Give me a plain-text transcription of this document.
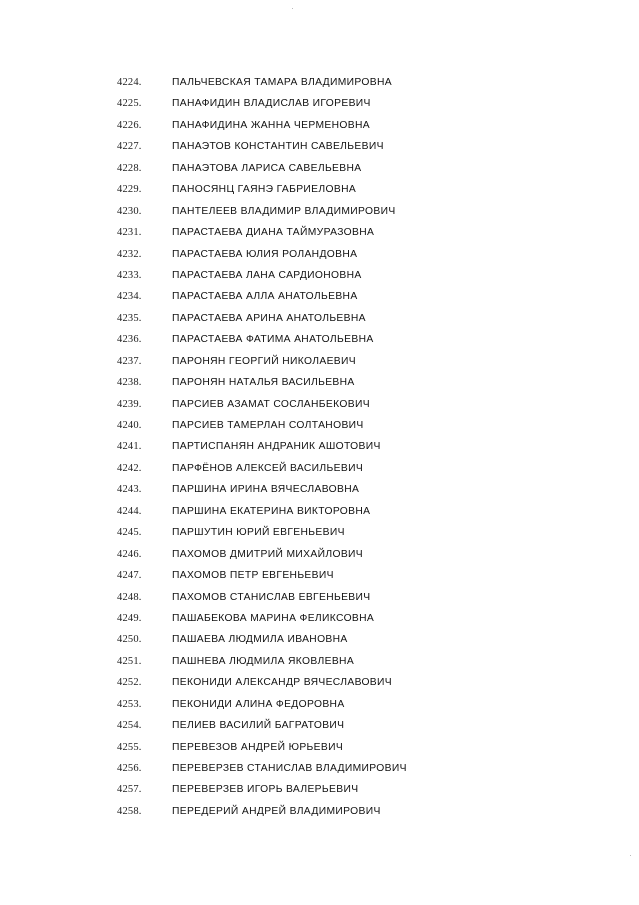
4224.	ПАЛЬЧЕВСКАЯ ТАМАРА ВЛАДИМИРОВНА
4225.	ПАНАФИДИН ВЛАДИСЛАВ ИГОРЕВИЧ
4226.	ПАНАФИДИНА ЖАННА ЧЕРМЕНОВНА
4227.	ПАНАЭТОВ КОНСТАНТИН САВЕЛЬЕВИЧ
4228.	ПАНАЭТОВА ЛАРИСА САВЕЛЬЕВНА
4229.	ПАНОСЯНЦ ГАЯНЭ ГАБРИЕЛОВНА
4230.	ПАНТЕЛЕЕВ ВЛАДИМИР ВЛАДИМИРОВИЧ
4231.	ПАРАСТАЕВА ДИАНА ТАЙМУРАЗОВНА
4232.	ПАРАСТАЕВА ЮЛИЯ РОЛАНДОВНА
4233.	ПАРАСТАЕВА ЛАНА САРДИОНОВНА
4234.	ПАРАСТАЕВА АЛЛА АНАТОЛЬЕВНА
4235.	ПАРАСТАЕВА АРИНА АНАТОЛЬЕВНА
4236.	ПАРАСТАЕВА ФАТИМА АНАТОЛЬЕВНА
4237.	ПАРОНЯН ГЕОРГИЙ НИКОЛАЕВИЧ
4238.	ПАРОНЯН НАТАЛЬЯ ВАСИЛЬЕВНА
4239.	ПАРСИЕВ АЗАМАТ СОСЛАНБЕКОВИЧ
4240.	ПАРСИЕВ ТАМЕРЛАН СОЛТАНОВИЧ
4241.	ПАРТИСПАНЯН АНДРАНИК АШОТОВИЧ
4242.	ПАРФЁНОВ АЛЕКСЕЙ ВАСИЛЬЕВИЧ
4243.	ПАРШИНА ИРИНА ВЯЧЕСЛАВОВНА
4244.	ПАРШИНА ЕКАТЕРИНА ВИКТОРОВНА
4245.	ПАРШУТИН ЮРИЙ ЕВГЕНЬЕВИЧ
4246.	ПАХОМОВ ДМИТРИЙ МИХАЙЛОВИЧ
4247.	ПАХОМОВ ПЕТР ЕВГЕНЬЕВИЧ
4248.	ПАХОМОВ СТАНИСЛАВ ЕВГЕНЬЕВИЧ
4249.	ПАШАБЕКОВА МАРИНА ФЕЛИКСОВНА
4250.	ПАШАЕВА ЛЮДМИЛА ИВАНОВНА
4251.	ПАШНЕВА ЛЮДМИЛА ЯКОВЛЕВНА
4252.	ПЕКОНИДИ АЛЕКСАНДР ВЯЧЕСЛАВОВИЧ
4253.	ПЕКОНИДИ АЛИНА ФЕДОРОВНА
4254.	ПЕЛИЕВ ВАСИЛИЙ БАГРАТОВИЧ
4255.	ПЕРЕВЕЗОВ АНДРЕЙ ЮРЬЕВИЧ
4256.	ПЕРЕВЕРЗЕВ СТАНИСЛАВ ВЛАДИМИРОВИЧ
4257.	ПЕРЕВЕРЗЕВ ИГОРЬ ВАЛЕРЬЕВИЧ
4258.	ПЕРЕДЕРИЙ АНДРЕЙ ВЛАДИМИРОВИЧ
